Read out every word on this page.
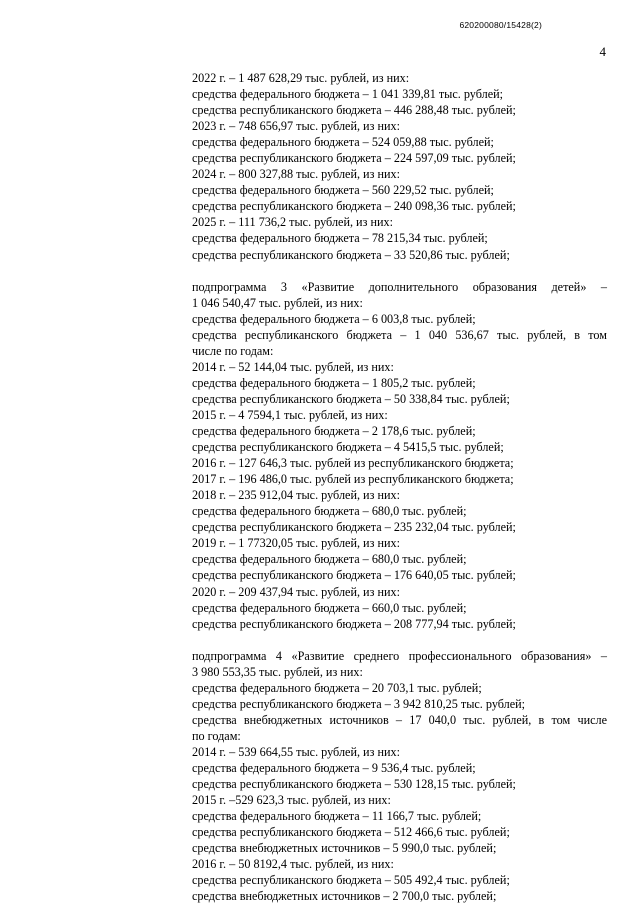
620200080/15428(2)
4
2022 г. – 1 487 628,29 тыс. рублей, из них:
средства федерального бюджета – 1 041 339,81 тыс. рублей;
средства республиканского бюджета – 446 288,48 тыс. рублей;
2023 г. – 748 656,97 тыс. рублей, из них:
средства федерального бюджета – 524 059,88 тыс. рублей;
средства республиканского бюджета – 224 597,09 тыс. рублей;
2024 г. – 800 327,88 тыс. рублей, из них:
средства федерального бюджета – 560 229,52 тыс. рублей;
средства республиканского бюджета – 240 098,36 тыс. рублей;
2025 г. – 111 736,2 тыс. рублей, из них:
средства федерального бюджета – 78 215,34 тыс. рублей;
средства республиканского бюджета – 33 520,86 тыс. рублей;
подпрограмма 3 «Развитие дополнительного образования детей» –
1 046 540,47 тыс. рублей, из них:
средства федерального бюджета – 6 003,8 тыс. рублей;
средства республиканского бюджета – 1 040 536,67 тыс. рублей, в том
числе по годам:
2014 г. – 52 144,04 тыс. рублей, из них:
средства федерального бюджета – 1 805,2 тыс. рублей;
средства республиканского бюджета – 50 338,84 тыс. рублей;
2015 г. – 4 7594,1 тыс. рублей, из них:
средства федерального бюджета – 2 178,6 тыс. рублей;
средства республиканского бюджета – 4 5415,5 тыс. рублей;
2016 г. – 127 646,3 тыс. рублей из республиканского бюджета;
2017 г. – 196 486,0 тыс. рублей из республиканского бюджета;
2018 г. – 235 912,04 тыс. рублей, из них:
средства федерального бюджета – 680,0 тыс. рублей;
средства республиканского бюджета – 235 232,04 тыс. рублей;
2019 г. – 1 77320,05 тыс. рублей, из них:
средства федерального бюджета – 680,0 тыс. рублей;
средства республиканского бюджета – 176 640,05 тыс. рублей;
2020 г. – 209 437,94 тыс. рублей, из них:
средства федерального бюджета – 660,0 тыс. рублей;
средства республиканского бюджета – 208 777,94 тыс. рублей;
подпрограмма 4 «Развитие среднего профессионального образования» –
3 980 553,35 тыс. рублей, из них:
средства федерального бюджета – 20 703,1 тыс. рублей;
средства республиканского бюджета – 3 942 810,25 тыс. рублей;
средства внебюджетных источников – 17 040,0 тыс. рублей, в том числе
по годам:
2014 г. – 539 664,55 тыс. рублей, из них:
средства федерального бюджета – 9 536,4 тыс. рублей;
средства республиканского бюджета – 530 128,15 тыс. рублей;
2015 г. –529 623,3 тыс. рублей, из них:
средства федерального бюджета – 11 166,7 тыс. рублей;
средства республиканского бюджета – 512 466,6 тыс. рублей;
средства внебюджетных источников – 5 990,0 тыс. рублей;
2016 г. – 50 8192,4 тыс. рублей, из них:
средства республиканского бюджета – 505 492,4 тыс. рублей;
средства внебюджетных источников – 2 700,0 тыс. рублей;
